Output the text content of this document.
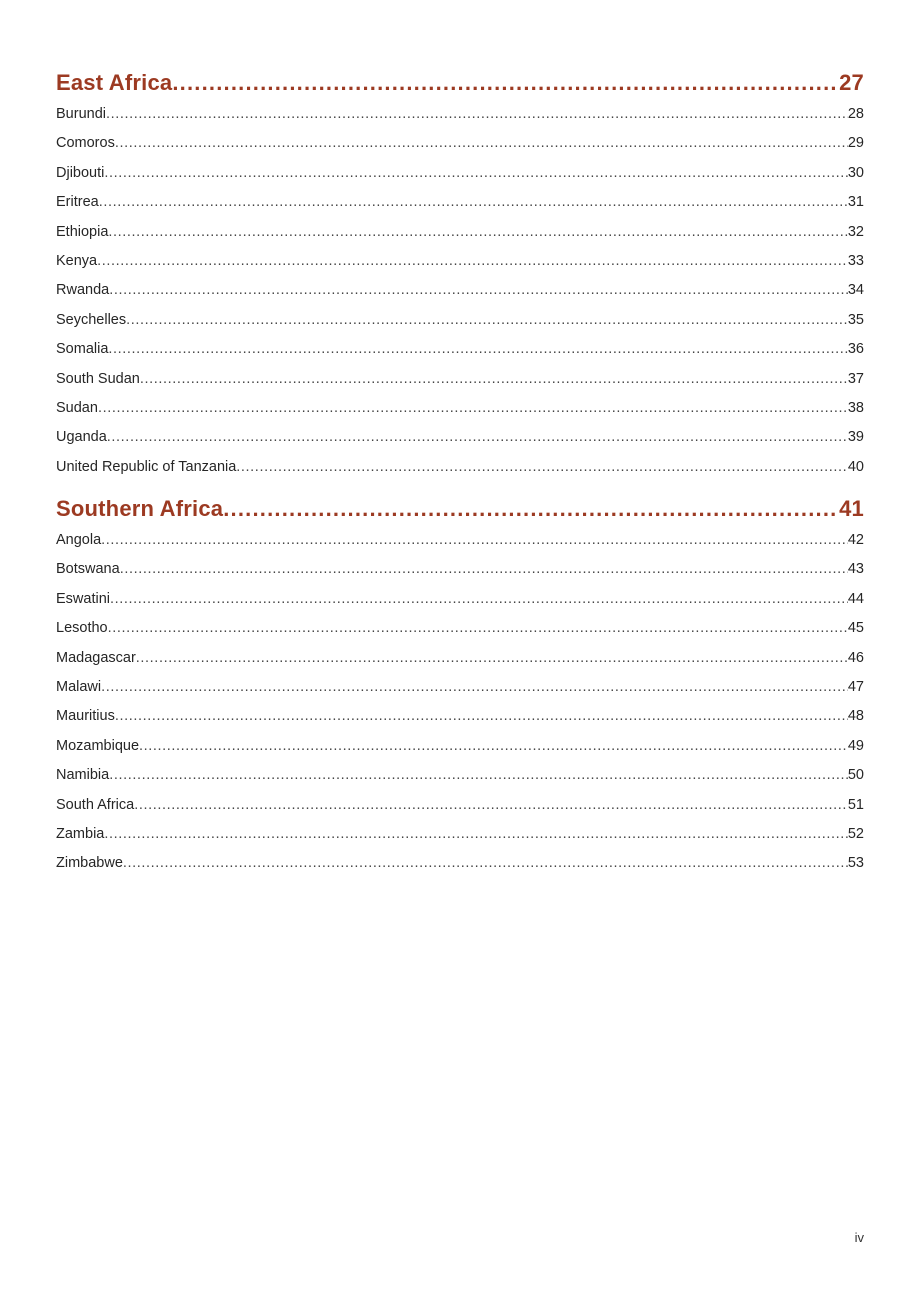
East Africa .....	27
Burundi .....	28
Comoros .....	29
Djibouti .....	30
Eritrea .....	31
Ethiopia .....	32
Kenya .....	33
Rwanda .....	34
Seychelles .....	35
Somalia .....	36
South Sudan .....	37
Sudan .....	38
Uganda .....	39
United Republic of Tanzania .....	40
Southern Africa .....	41
Angola .....	42
Botswana .....	43
Eswatini .....	44
Lesotho .....	45
Madagascar .....	46
Malawi .....	47
Mauritius .....	48
Mozambique .....	49
Namibia .....	50
South Africa .....	51
Zambia .....	52
Zimbabwe .....	53
iv
